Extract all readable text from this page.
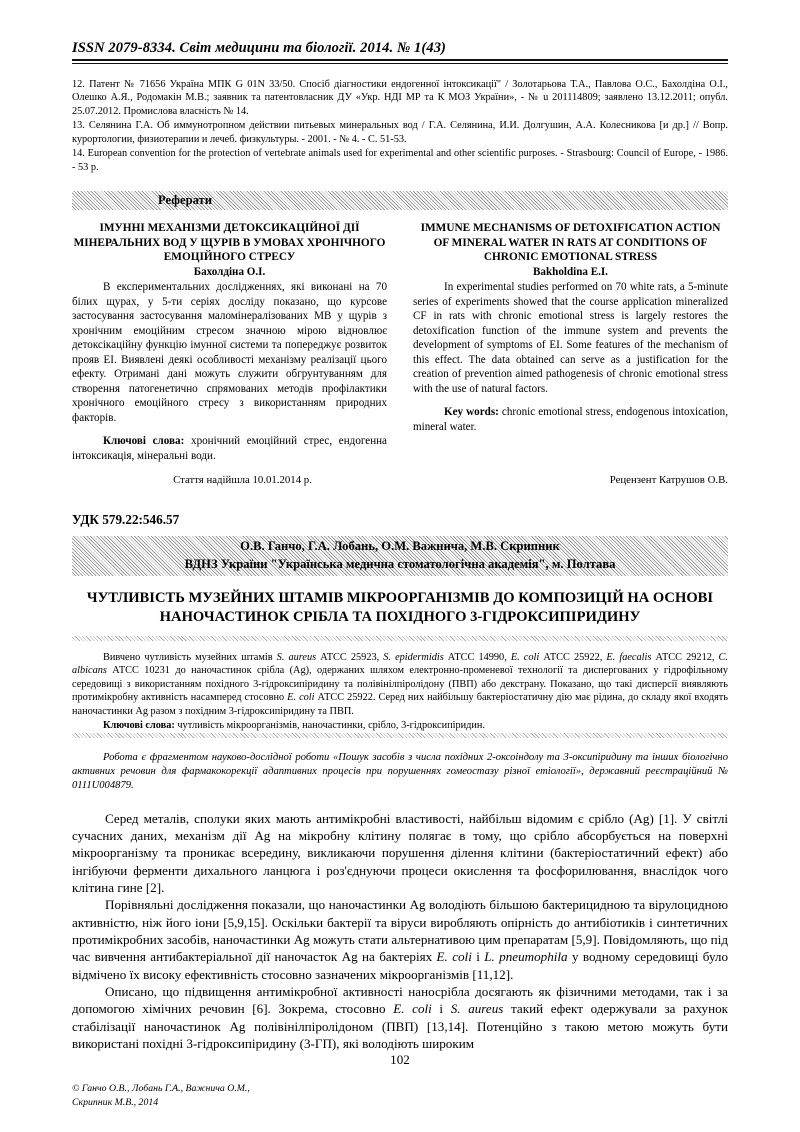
ISSN 2079-8334. Світ медицини та біології. 2014. № 1(43)

12. Патент № 71656 Україна МПК G 01N 33/50. Спосіб діагностики ендогенної інтоксикації" / Золотарьова Т.А., Павлова О.С., Бахолдіна О.І., Олешко А.Я., Родомакін М.В.; заявник та патентовласник ДУ «Укр. НДІ МР та К МОЗ України», - № u 201114809; заявлено 13.12.2011; опубл. 25.07.2012. Промислова власність № 14.

13. Селянина Г.А. Об иммунотропном действии питьевых минеральных вод / Г.А. Селянина, И.И. Долгушин, А.А. Колесникова [и др.] // Вопр. курортологии, физиотерапии и лечеб. физкультуры. - 2001. - № 4. - С. 51-53.

14. European convention for the protection of vertebrate animals used for experimental and other scientific purposes. - Strasbourg: Council of Europe, - 1986. - 53 p.

Реферати
ІМУННІ МЕХАНІЗМИ ДЕТОКСИКАЦІЙНОЇ ДІЇ МІНЕРАЛЬНИХ ВОД У ЩУРІВ В УМОВАХ ХРОНІЧНОГО ЕМОЦІЙНОГО СТРЕСУ
Бахолдіна О.І.

В експериментальних дослідженнях, які виконані на 70 білих щурах, у 5-ти серіях досліду показано, що курсове застосування застосування маломінералізованих МВ у щурів з хронічним емоційним стресом значною мірою відновлює детоксікаційну функцію імунної системи та попереджує розвиток прояв ЕІ. Виявлені деякі особливості механізму реалізації цього ефекту. Отримані дані можуть служити обгрунтуванням для створення патогенетично спрямованих методів профілактики хронічного емоційного стресу з використанням природних факторів.

Ключові слова: хронічний емоційний стрес, ендогенна інтоксикація, мінеральні води.

IMMUNE MECHANISMS OF DETOXIFICATION ACTION OF MINERAL WATER IN RATS AT CONDITIONS OF CHRONIC EMOTIONAL STRESS
Bakholdina E.I.

In experimental studies performed on 70 white rats, a 5-minute series of experiments showed that the course application mineralized CF in rats with chronic emotional stress is largely restores the detoxification function of the immune system and prevents the development of symptoms of EI. Some features of the mechanism of this effect. The data obtained can serve as a justification for the creation of prevention aimed pathogenesis of chronic emotional stress with the use of natural factors.

Key words: chronic emotional stress, endogenous intoxication, mineral water.

Стаття надійшла 10.01.2014 р.	Рецензент Катрушов О.В.
УДК 579.22:546.57
О.В. Ганчо, Г.А. Лобань, О.М. Важнича, М.В. Скрипник
ВДНЗ України "Українська медична стоматологічна академія", м. Полтава
ЧУТЛИВІСТЬ МУЗЕЙНИХ ШТАМІВ МІКРООРГАНІЗМІВ ДО КОМПОЗИЦІЙ НА ОСНОВІ НАНОЧАСТИНОК СРІБЛА ТА ПОХІДНОГО 3-ГІДРОКСИПІРИДИНУ

Вивчено чутливість музейних штамів S. aureus АТСС 25923, S. epidermidis АТСС 14990, E. coli АТСС 25922, E. faecalis АТСС 29212, C. albicans АТСС 10231 до наночастинок срібла (Ag), одержаних шляхом електронно-променевої технології та диспергованих у гідрофільному середовищі з використанням похідного 3-гідроксипіридину та полівінілпіролідону (ПВП) або декстрану. Показано, що такі дисперсії виявляють протимікробну активність насамперед стосовно E. coli АТСС 25922. Серед них найбільшу бактеріостатичну дію має рідина, до складу якої входять наночастинки Ag разом з похідним 3-гідроксипіридину та ПВП.

Ключові слова: чутливість мікроорганізмів, наночастинки, срібло, 3-гідроксипіридин.

Робота є фрагментом науково-дослідної роботи «Пошук засобів з числа похідних 2-оксоіндолу та 3-оксипіридину та інших біологічно активних речовин для фармакокорекції адаптивних процесів при порушеннях гомеостазу різної етіології», державний реєстраційний № 0111U004879.

Серед металів, сполуки яких мають антимікробні властивості, найбільш відомим є срібло (Ag) [1]. У світлі сучасних даних, механізм дії Ag на мікробну клітину полягає в тому, що срібло абсорбується на поверхні мікроорганізму та проникає всередину, викликаючи порушення ділення клітини (бактеріостатичний ефект) або інгібуючи ферменти дихального ланцюга і роз'єднуючи процеси окислення та фосфорилювання, внаслідок чого клітина гине [2].

Порівняльні дослідження показали, що наночастинки Ag володіють більшою бактерицидною та вірулоцидною активністю, ніж його іони [5,9,15]. Оскільки бактерії та віруси виробляють опірність до антибіотиків і синтетичних протимікробних засобів, наночастинки Ag можуть стати альтернативою цим препаратам [5,9]. Повідомляють, що під час вивчення антибактеріальної дії наночасток Ag на бактеріях E. coli і L. pneumophila у водному середовищі було відмічено їх високу ефективність стосовно зазначених мікроорганізмів [11,12].

Описано, що підвищення антимікробної активності наносрібла досягають як фізичними методами, так і за допомогою хімічних речовин [6]. Зокрема, стосовно E. coli і S. aureus такий ефект одержували за рахунок стабілізації наночастинок Ag полівінілпіролідоном (ПВП) [13,14]. Потенційно з такою метою можуть бути використані похідні 3-гідроксипіридину (3-ГП), які володіють широким

102
© Ганчо О.В., Лобань Г.А., Важнича О.М.,
Скрипник М.В., 2014
